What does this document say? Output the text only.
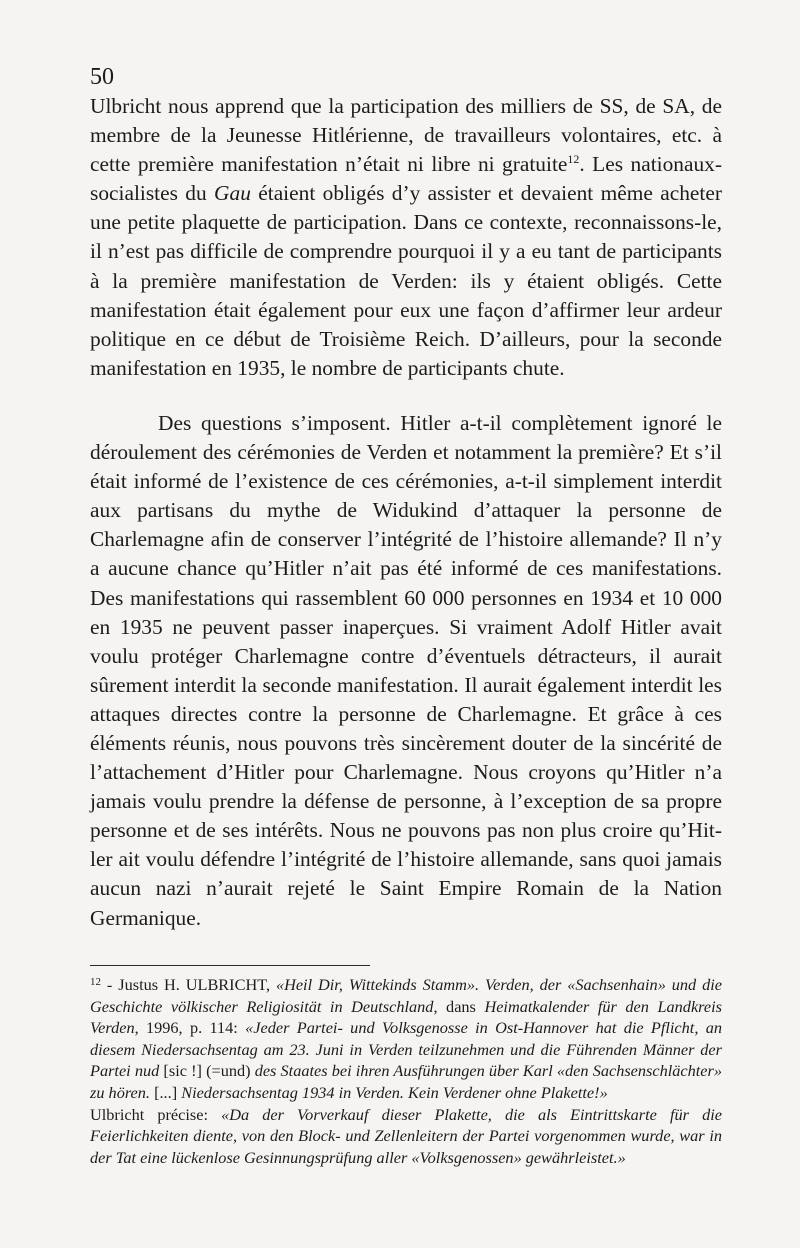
50

Ulbricht nous apprend que la participation des milliers de SS, de SA, de membre de la Jeunesse Hitlérienne, de travailleurs volontaires, etc. à cette première manifestation n’était ni libre ni gratuite$^{12}$. Les nationaux-socialistes du Gau étaient obligés d’y assister et devaient même acheter une petite plaquette de participation. Dans ce contexte, reconnaissons-le, il n’est pas difficile de comprendre pourquoi il y a eu tant de participants à la première manifestation de Verden: ils y étaient obligés. Cette manifestation était également pour eux une façon d’affirmer leur ardeur politique en ce début de Troisième Reich. D’ailleurs, pour la seconde manifestation en 1935, le nombre de participants chute.

Des questions s’imposent. Hitler a-t-il complètement ignoré le déroulement des cérémonies de Verden et notamment la première? Et s’il était informé de l’existence de ces cérémonies, a-t-il simplement interdit aux partisans du mythe de Widukind d’attaquer la personne de Charlemagne afin de conserver l’intégrité de l’histoire allemande? Il n’y a aucune chance qu’Hitler n’ait pas été informé de ces manifestations. Des manifestations qui rassemblent 60 000 personnes en 1934 et 10 000 en 1935 ne peuvent passer inaperçues. Si vraiment Adolf Hitler avait voulu protéger Charlemagne contre d’éventuels détracteurs, il aurait sûrement interdit la seconde manifestation. Il aurait également interdit les attaques directes contre la personne de Charlemagne. Et grâce à ces éléments réunis, nous pouvons très sincèrement douter de la sincérité de l’attachement d’Hitler pour Charlemagne. Nous croyons qu’Hitler n’a jamais voulu prendre la défense de personne, à l’exception de sa propre personne et de ses intérêts. Nous ne pouvons pas non plus croire qu’Hitler ait voulu défendre l’intégrité de l’histoire allemande, sans quoi jamais aucun nazi n’aurait rejeté le Saint Empire Romain de la Nation Germanique.

$^{12}$ - Justus H. ULBRICHT, «Heil Dir, Wittekinds Stamm». Verden, der «Sachsenhain» und die Geschichte völkischer Religiosität in Deutschland, dans Heimatkalender für den Landkreis Verden, 1996, p. 114: «Jeder Partei- und Volksgenosse in Ost-Hannover hat die Pflicht, an diesem Niedersachsentag am 23. Juni in Verden teilzunehmen und die Führenden Männer der Partei nud [sic !] (=und) des Staates bei ihren Ausführungen über Karl «den Sachsenschlächter» zu hören. [...] Niedersachsentag 1934 in Verden. Kein Verdener ohne Plakette!»

Ulbricht précise: «Da der Vorverkauf dieser Plakette, die als Eintrittskarte für die Feierlichkeiten diente, von den Block- und Zellenleitern der Partei vorgenommen wurde, war in der Tat eine lückenlose Gesinnungsprüfung aller «Volksgenossen» gewährleistet.»
